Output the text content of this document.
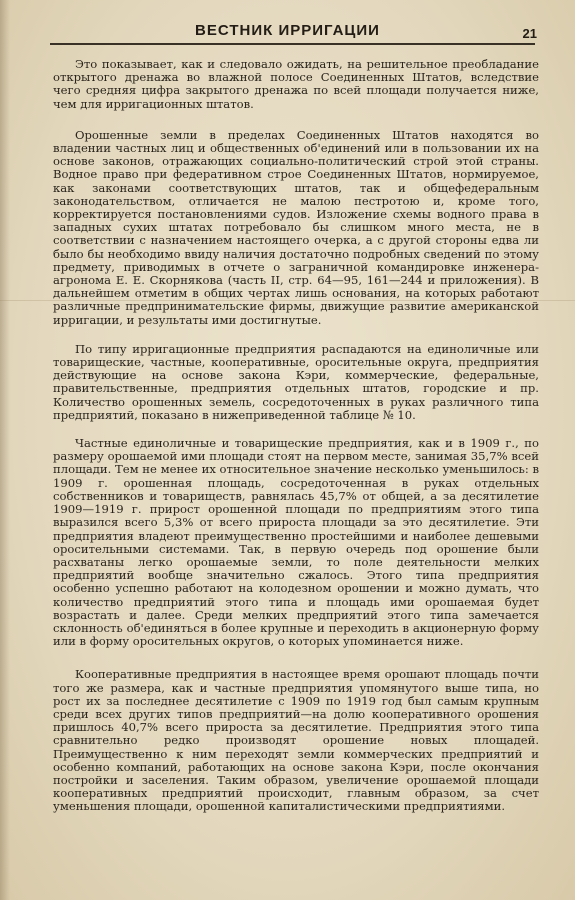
ВЕСТНИК ИРРИГАЦИИ	21

Это показывает, как и следовало ожидать, на решительное преобладание открытого дренажа во влажной полосе Соединенных Штатов, вследствие чего средняя цифра закрытого дренажа по всей площади получается ниже, чем для ирригационных штатов.

Орошенные земли в пределах Соединенных Штатов находятся во владении частных лиц и общественных об'единений или в пользовании их на основе законов, отражающих социально-политический строй этой страны. Водное право при федеративном строе Соединенных Штатов, нормируемое, как законами соответствующих штатов, так и общефедеральным законодательством, отличается не малою пестротою и, кроме того, корректируется постановлениями судов. Изложение схемы водного права в западных сухих штатах потребовало бы слишком много места, не в соответствии с назначением настоящего очерка, а с другой стороны едва ли было бы необходимо ввиду наличия достаточно подробных сведений по этому предмету, приводимых в отчете о заграничной командировке инженера-агронома Е. Е. Скорнякова (часть II, стр. 64—95, 161—244 и приложения). В дальнейшем отметим в общих чертах лишь основания, на которых работают различные предпринимательские фирмы, движущие развитие американской ирригации, и результаты ими достигнутые.

По типу ирригационные предприятия распадаются на единоличные или товарищеские, частные, кооперативные, оросительные округа, предприятия действующие на основе закона Кэри, коммерческие, федеральные, правительственные, предприятия отдельных штатов, городские и пр. Количество орошенных земель, сосредоточенных в руках различного типа предприятий, показано в нижеприведенной таблице № 10.

Частные единоличные и товарищеские предприятия, как и в 1909 г., по размеру орошаемой ими площади стоят на первом месте, занимая 35,7% всей площади. Тем не менее их относительное значение несколько уменьшилось: в 1909 г. орошенная площадь, сосредоточенная в руках отдельных собственников и товариществ, равнялась 45,7% от общей, а за десятилетие 1909—1919 г. прирост орошенной площади по предприятиям этого типа выразился всего 5,3% от всего прироста площади за это десятилетие. Эти предприятия владеют преимущественно простейшими и наиболее дешевыми оросительными системами. Так, в первую очередь под орошение были расхватаны легко орошаемые земли, то поле деятельности мелких предприятий вообще значительно сжалось. Этого типа предприятия особенно успешно работают на колодезном орошении и можно думать, что количество предприятий этого типа и площадь ими орошаемая будет возрастать и далее. Среди мелких предприятий этого типа замечается склонность об'единяться в более крупные и переходить в акционерную форму или в форму оросительных округов, о которых упоминается ниже.

Кооперативные предприятия в настоящее время орошают площадь почти того же размера, как и частные предприятия упомянутого выше типа, но рост их за последнее десятилетие с 1909 по 1919 год был самым крупным среди всех других типов предприятий—на долю кооперативного орошения пришлось 40,7% всего прироста за десятилетие. Предприятия этого типа сравнительно редко производят орошение новых площадей. Преимущественно к ним переходят земли коммерческих предприятий и особенно компаний, работающих на основе закона Кэри, после окончания постройки и заселения. Таким образом, увеличение орошаемой площади кооперативных предприятий происходит, главным образом, за счет уменьшения площади, орошенной капиталистическими предприятиями.
